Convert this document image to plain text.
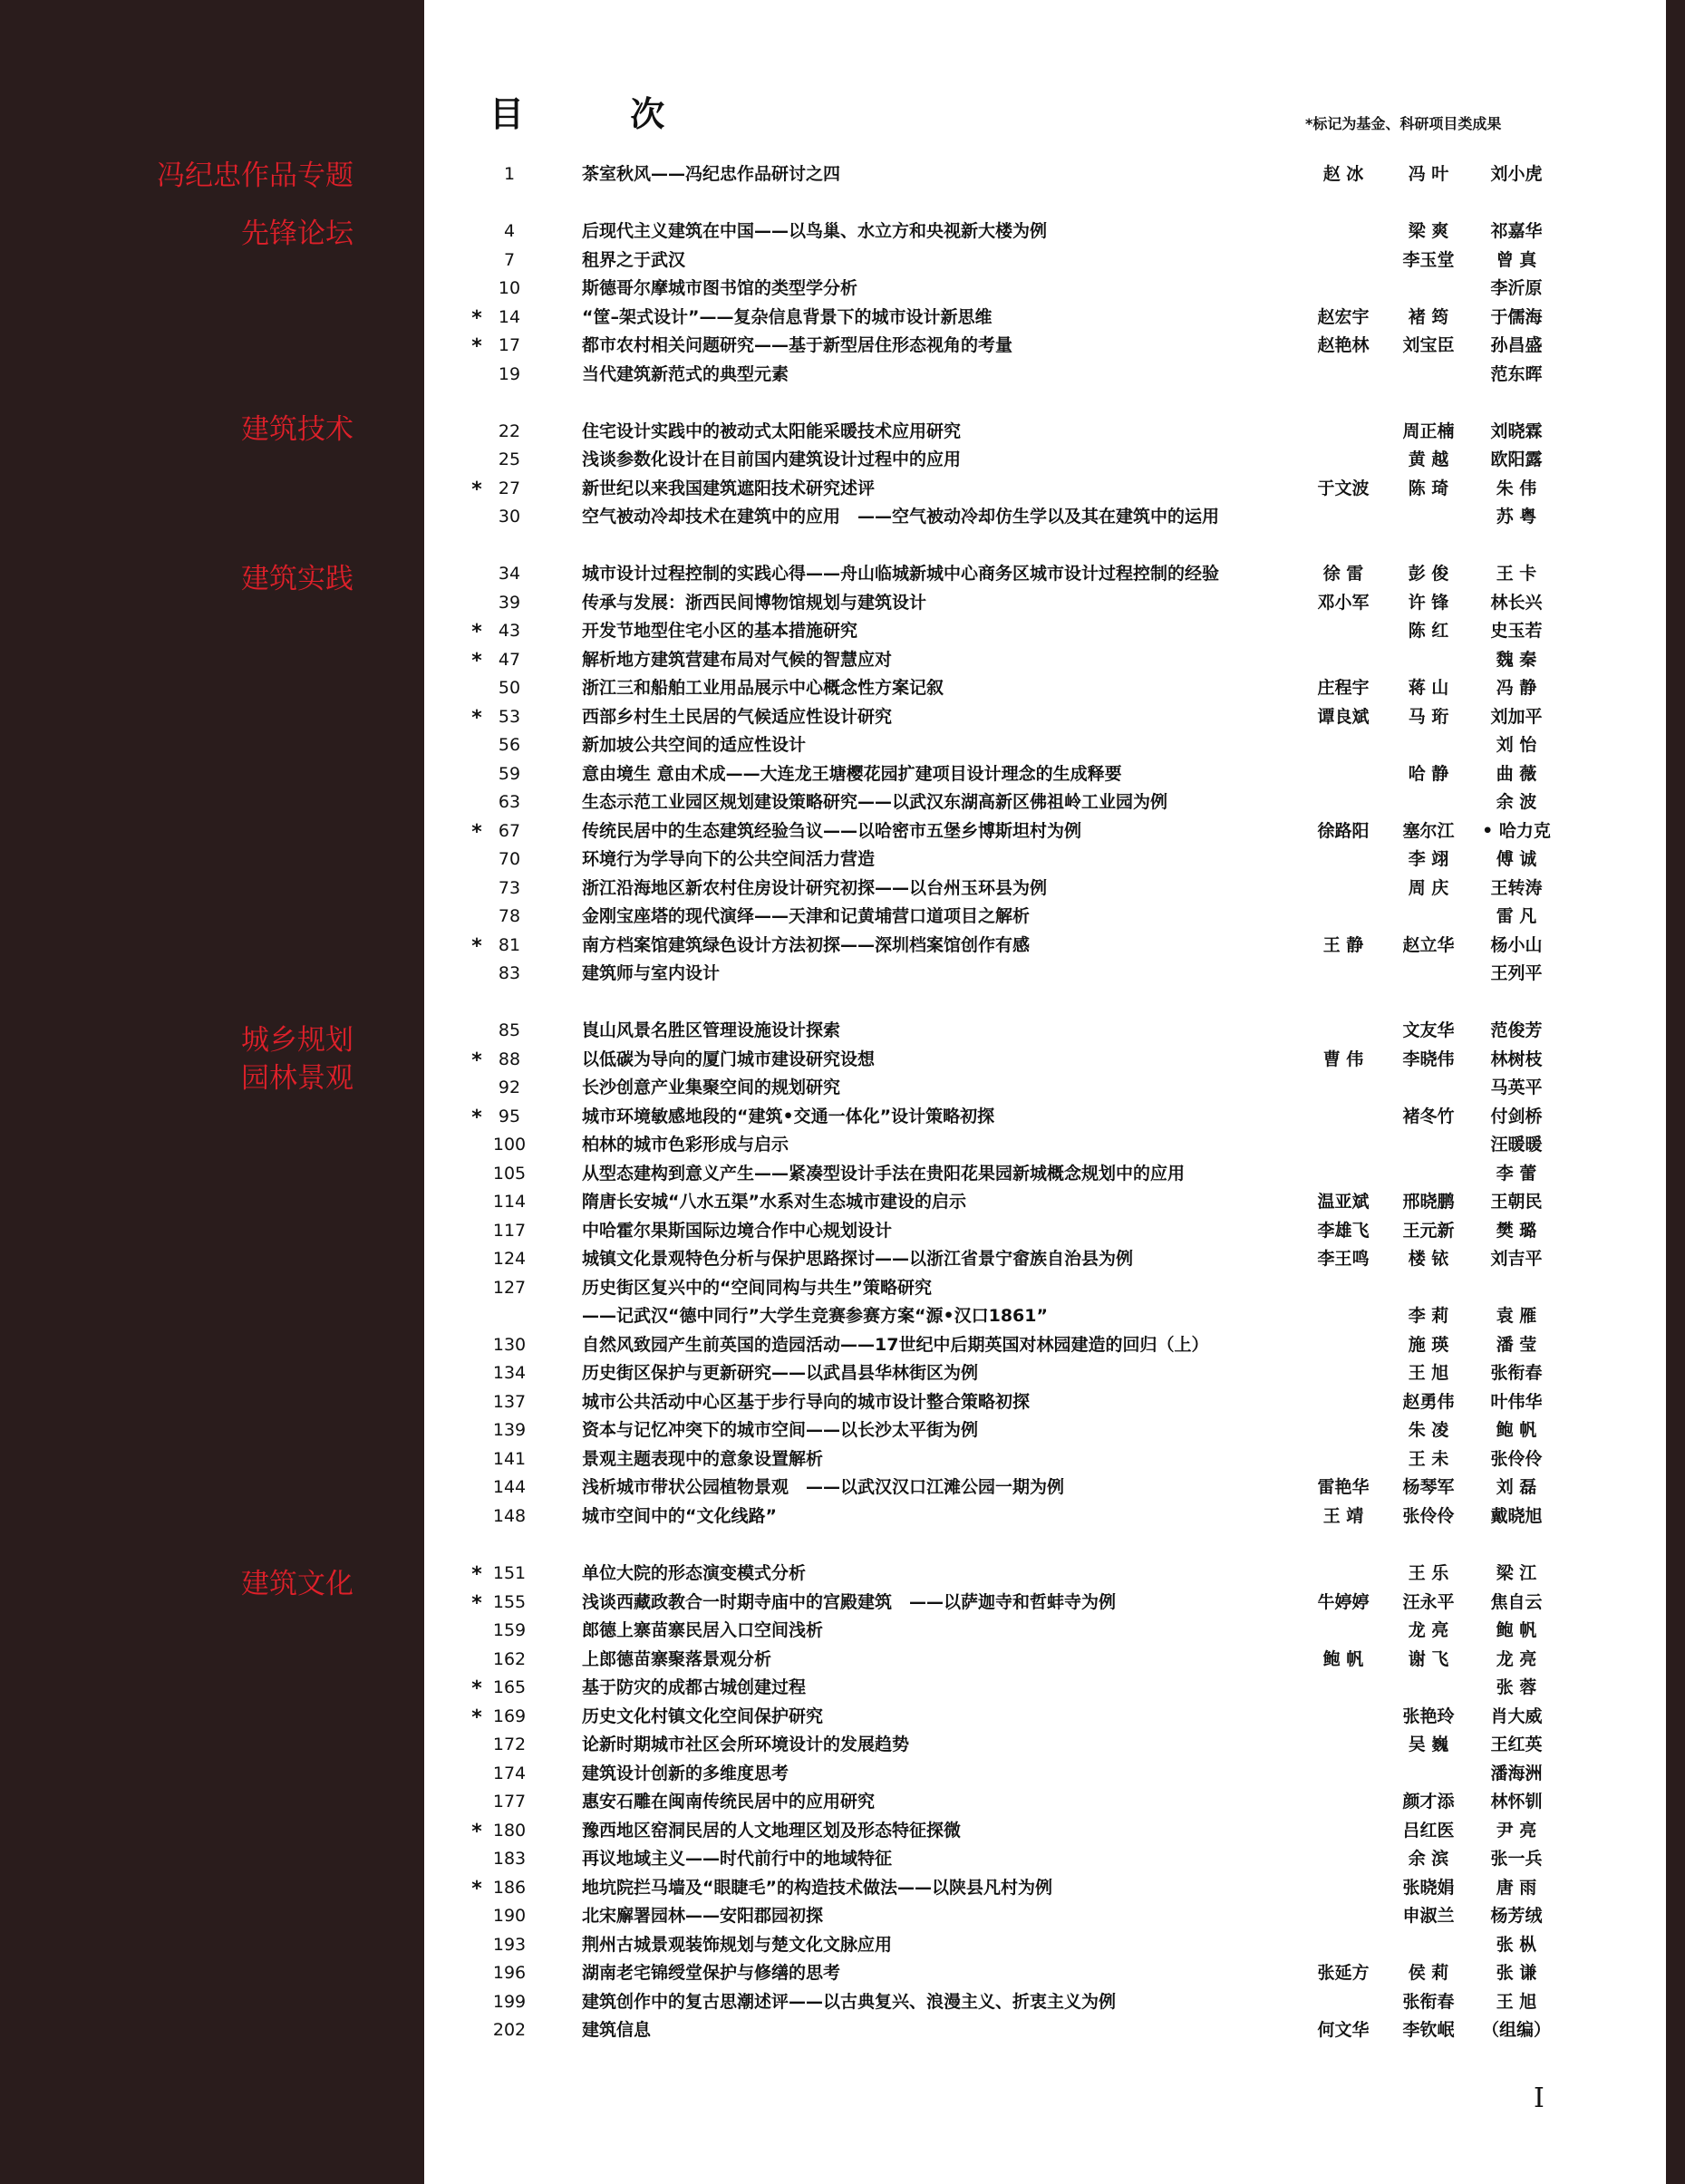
目 次	*标记为基金、科研项目类成果
冯纪忠作品专题
先锋论坛
建筑技术
建筑实践
城乡规划
园林景观
建筑文化
1	茶室秋风——冯纪忠作品研讨之四	赵 冰	冯 叶	刘小虎
4	后现代主义建筑在中国——以鸟巢、水立方和央视新大楼为例	梁 爽	祁嘉华
7	租界之于武汉	李玉堂	曾 真
10	斯德哥尔摩城市图书馆的类型学分析	李沂原
* 14	“筐–架式设计”——复杂信息背景下的城市设计新思维	赵宏宇	褚 筠	于儒海
* 17	都市农村相关问题研究——基于新型居住形态视角的考量	赵艳林	刘宝臣	孙昌盛
19	当代建筑新范式的典型元素	范东晖
22	住宅设计实践中的被动式太阳能采暖技术应用研究	周正楠	刘晓霖
25	浅谈参数化设计在目前国内建筑设计过程中的应用	黄 越	欧阳露
* 27	新世纪以来我国建筑遮阳技术研究述评	于文波	陈 琦	朱 伟
30	空气被动冷却技术在建筑中的应用　——空气被动冷却仿生学以及其在建筑中的运用	苏 粤
34	城市设计过程控制的实践心得——舟山临城新城中心商务区城市设计过程控制的经验	徐 雷	彭 俊	王 卡
39	传承与发展：浙西民间博物馆规划与建筑设计	邓小军	许 锋	林长兴
* 43	开发节地型住宅小区的基本措施研究	陈 红	史玉若
* 47	解析地方建筑营建布局对气候的智慧应对	魏 秦
50	浙江三和船舶工业用品展示中心概念性方案记叙	庄程宇	蒋 山	冯 静
* 53	西部乡村生土民居的气候适应性设计研究	谭良斌	马 珩	刘加平
56	新加坡公共空间的适应性设计	刘 怡
59	意由境生 意由术成——大连龙王塘樱花园扩建项目设计理念的生成释要	哈 静	曲 薇
63	生态示范工业园区规划建设策略研究——以武汉东湖高新区佛祖岭工业园为例	余 波
* 67	传统民居中的生态建筑经验刍议——以哈密市五堡乡博斯坦村为例	徐路阳	塞尔江	• 哈力克
70	环境行为学导向下的公共空间活力营造	李 翊	傅 诚
73	浙江沿海地区新农村住房设计研究初探——以台州玉环县为例	周 庆	王转涛
78	金刚宝座塔的现代演绎——天津和记黄埔营口道项目之解析	雷 凡
* 81	南方档案馆建筑绿色设计方法初探——深圳档案馆创作有感	王 静	赵立华	杨小山
83	建筑师与室内设计	王列平
85	崀山风景名胜区管理设施设计探索	文友华	范俊芳
* 88	以低碳为导向的厦门城市建设研究设想	曹 伟	李晓伟	林树枝
92	长沙创意产业集聚空间的规划研究	马英平
* 95	城市环境敏感地段的“建筑•交通一体化”设计策略初探	褚冬竹	付剑桥
100	柏林的城市色彩形成与启示	汪暖暖
105	从型态建构到意义产生——紧凑型设计手法在贵阳花果园新城概念规划中的应用	李 蕾
114	隋唐长安城“八水五渠”水系对生态城市建设的启示	温亚斌	邢晓鹏	王朝民
117	中哈霍尔果斯国际边境合作中心规划设计	李雄飞	王元新	樊 璐
124	城镇文化景观特色分析与保护思路探讨——以浙江省景宁畲族自治县为例	李王鸣	楼 铱	刘吉平
127	历史街区复兴中的“空间同构与共生”策略研究
——记武汉“德中同行”大学生竞赛参赛方案“源•汉口1861”	李 莉	袁 雁
130	自然风致园产生前英国的造园活动——17世纪中后期英国对林园建造的回归（上）	施 瑛	潘 莹
134	历史街区保护与更新研究——以武昌县华林街区为例	王 旭	张衔春
137	城市公共活动中心区基于步行导向的城市设计整合策略初探	赵勇伟	叶伟华
139	资本与记忆冲突下的城市空间——以长沙太平街为例	朱 凌	鲍 帆
141	景观主题表现中的意象设置解析	王 未	张伶伶
144	浅析城市带状公园植物景观　——以武汉汉口江滩公园一期为例	雷艳华	杨琴军	刘 磊
148	城市空间中的“文化线路”	王 靖	张伶伶	戴晓旭
* 151	单位大院的形态演变模式分析	王 乐	梁 江
* 155	浅谈西藏政教合一时期寺庙中的宫殿建筑　——以萨迦寺和哲蚌寺为例	牛婷婷	汪永平	焦自云
159	郎德上寨苗寨民居入口空间浅析	龙 亮	鲍 帆
162	上郎德苗寨聚落景观分析	鲍 帆	谢 飞	龙 亮
* 165	基于防灾的成都古城创建过程	张 蓉
* 169	历史文化村镇文化空间保护研究	张艳玲	肖大威
172	论新时期城市社区会所环境设计的发展趋势	吴 巍	王红英
174	建筑设计创新的多维度思考	潘海洲
177	惠安石雕在闽南传统民居中的应用研究	颜才添	林怀钏
* 180	豫西地区窑洞民居的人文地理区划及形态特征探微	吕红医	尹 亮
183	再议地域主义——时代前行中的地域特征	余 滨	张一兵
* 186	地坑院拦马墙及“眼睫毛”的构造技术做法——以陕县凡村为例	张晓娟	唐 雨
190	北宋廨署园林——安阳郡园初探	申淑兰	杨芳绒
193	荆州古城景观装饰规划与楚文化文脉应用	张 枞
196	湖南老宅锦绶堂保护与修缮的思考	张延方	侯 莉	张 谦
199	建筑创作中的复古思潮述评——以古典复兴、浪漫主义、折衷主义为例	张衔春	王 旭
202	建筑信息	何文华	李钦岷	（组编）
I
